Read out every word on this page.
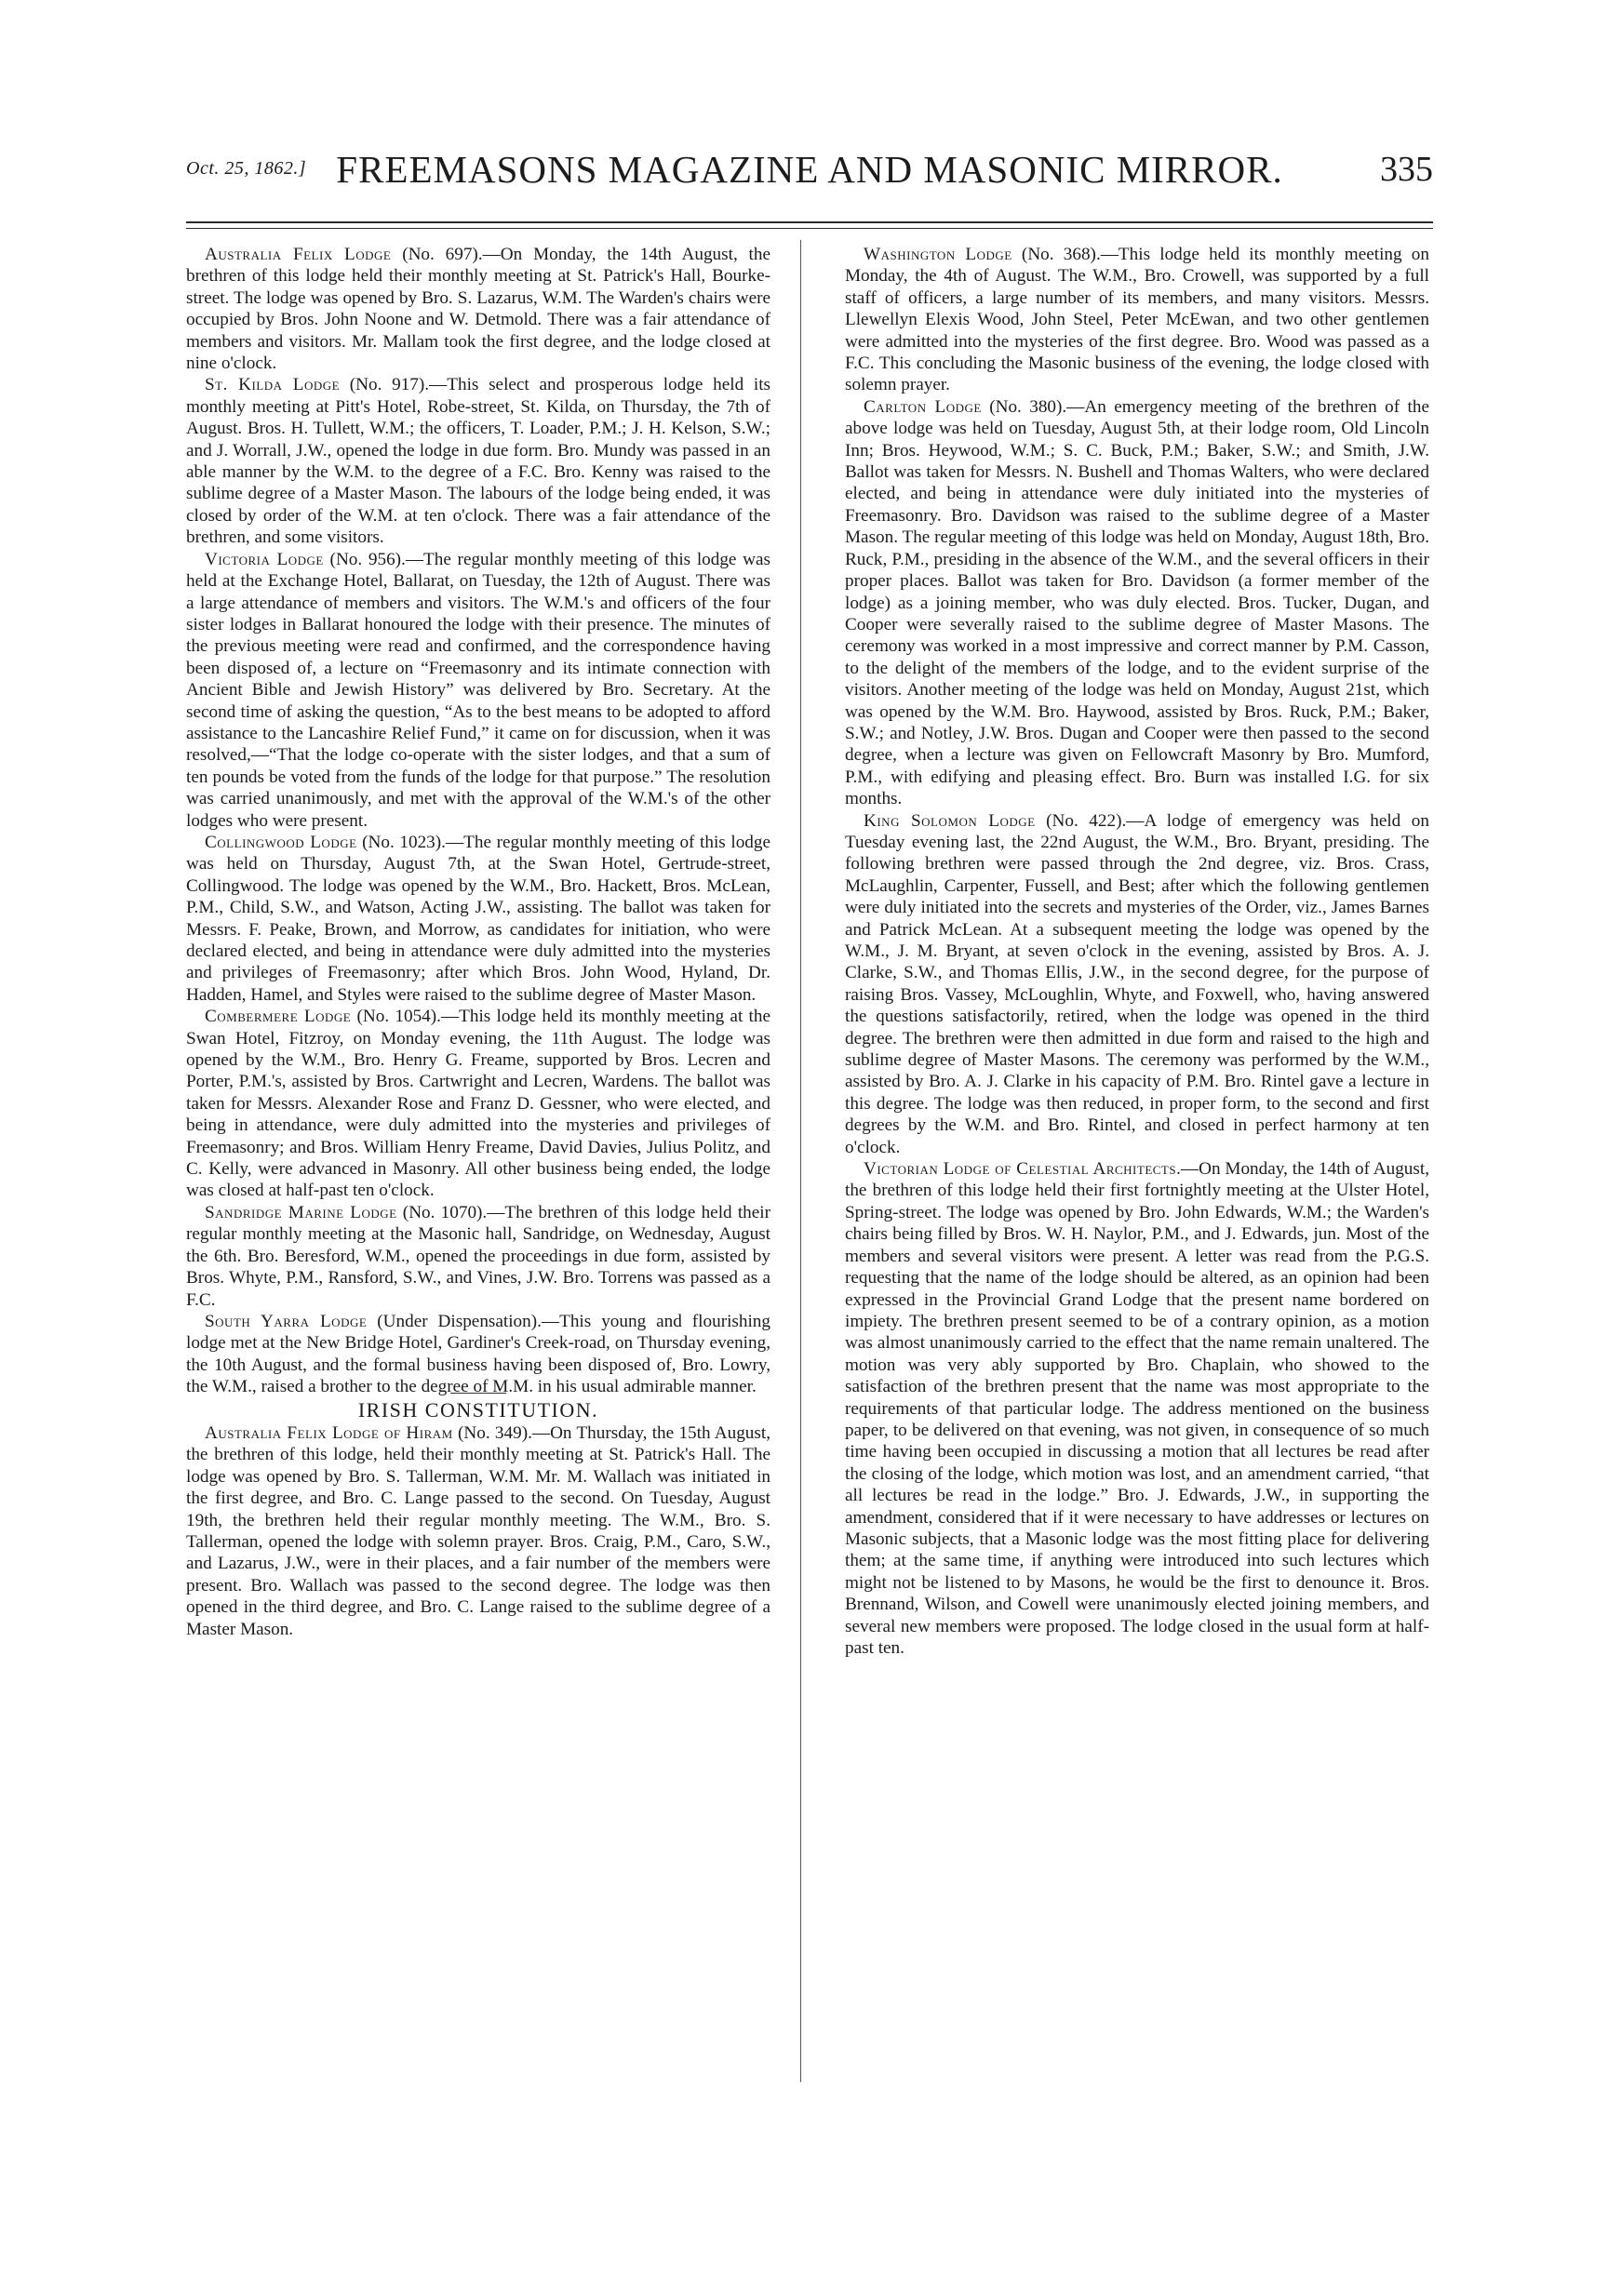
Oct. 25, 1862.] FREEMASONS MAGAZINE AND MASONIC MIRROR.	335

Australia Felix Lodge (No. 697).—On Monday, the 14th August, the brethren of this lodge held their monthly meeting at St. Patrick's Hall, Bourke-street. The lodge was opened by Bro. S. Lazarus, W.M. The Warden's chairs were occupied by Bros. John Noone and W. Detmold. There was a fair attendance of members and visitors. Mr. Mallam took the first degree, and the lodge closed at nine o'clock.

St. Kilda Lodge (No. 917).—This select and prosperous lodge held its monthly meeting at Pitt's Hotel, Robe-street, St. Kilda, on Thursday, the 7th of August. Bros. H. Tullett, W.M.; the officers, T. Loader, P.M.; J. H. Kelson, S.W.; and J. Worrall, J.W., opened the lodge in due form. Bro. Mundy was passed in an able manner by the W.M. to the degree of a F.C. Bro. Kenny was raised to the sublime degree of a Master Mason. The labours of the lodge being ended, it was closed by order of the W.M. at ten o'clock. There was a fair attendance of the brethren, and some visitors.

Victoria Lodge (No. 956).—The regular monthly meeting of this lodge was held at the Exchange Hotel, Ballarat, on Tuesday, the 12th of August. There was a large attendance of members and visitors. The W.M.'s and officers of the four sister lodges in Ballarat honoured the lodge with their presence. The minutes of the previous meeting were read and confirmed, and the correspondence having been disposed of, a lecture on “Freemasonry and its intimate connection with Ancient Bible and Jewish History” was delivered by Bro. Secretary. At the second time of asking the question, “As to the best means to be adopted to afford assistance to the Lancashire Relief Fund,” it came on for discussion, when it was resolved,—“That the lodge co-operate with the sister lodges, and that a sum of ten pounds be voted from the funds of the lodge for that purpose.” The resolution was carried unanimously, and met with the approval of the W.M.'s of the other lodges who were present.

Collingwood Lodge (No. 1023).—The regular monthly meeting of this lodge was held on Thursday, August 7th, at the Swan Hotel, Gertrude-street, Collingwood. The lodge was opened by the W.M., Bro. Hackett, Bros. McLean, P.M., Child, S.W., and Watson, Acting J.W., assisting. The ballot was taken for Messrs. F. Peake, Brown, and Morrow, as candidates for initiation, who were declared elected, and being in attendance were duly admitted into the mysteries and privileges of Freemasonry; after which Bros. John Wood, Hyland, Dr. Hadden, Hamel, and Styles were raised to the sublime degree of Master Mason.

Combermere Lodge (No. 1054).—This lodge held its monthly meeting at the Swan Hotel, Fitzroy, on Monday evening, the 11th August. The lodge was opened by the W.M., Bro. Henry G. Freame, supported by Bros. Lecren and Porter, P.M.'s, assisted by Bros. Cartwright and Lecren, Wardens. The ballot was taken for Messrs. Alexander Rose and Franz D. Gessner, who were elected, and being in attendance, were duly admitted into the mysteries and privileges of Freemasonry; and Bros. William Henry Freame, David Davies, Julius Politz, and C. Kelly, were advanced in Masonry. All other business being ended, the lodge was closed at half-past ten o'clock.

Sandridge Marine Lodge (No. 1070).—The brethren of this lodge held their regular monthly meeting at the Masonic hall, Sandridge, on Wednesday, August the 6th. Bro. Beresford, W.M., opened the proceedings in due form, assisted by Bros. Whyte, P.M., Ransford, S.W., and Vines, J.W. Bro. Torrens was passed as a F.C.

South Yarra Lodge (Under Dispensation).—This young and flourishing lodge met at the New Bridge Hotel, Gardiner's Creek-road, on Thursday evening, the 10th August, and the formal business having been disposed of, Bro. Lowry, the W.M., raised a brother to the degree of M.M. in his usual admirable manner.

IRISH CONSTITUTION.

Australia Felix Lodge of Hiram (No. 349).—On Thursday, the 15th August, the brethren of this lodge, held their monthly meeting at St. Patrick's Hall. The lodge was opened by Bro. S. Tallerman, W.M. Mr. M. Wallach was initiated in the first degree, and Bro. C. Lange passed to the second. On Tuesday, August 19th, the brethren held their regular monthly meeting. The W.M., Bro. S. Tallerman, opened the lodge with solemn prayer. Bros. Craig, P.M., Caro, S.W., and Lazarus, J.W., were in their places, and a fair number of the members were present. Bro. Wallach was passed to the second degree. The lodge was then opened in the third degree, and Bro. C. Lange raised to the sublime degree of a Master Mason.

Washington Lodge (No. 368).—This lodge held its monthly meeting on Monday, the 4th of August. The W.M., Bro. Crowell, was supported by a full staff of officers, a large number of its members, and many visitors. Messrs. Llewellyn Elexis Wood, John Steel, Peter McEwan, and two other gentlemen were admitted into the mysteries of the first degree. Bro. Wood was passed as a F.C. This concluding the Masonic business of the evening, the lodge closed with solemn prayer.

Carlton Lodge (No. 380).—An emergency meeting of the brethren of the above lodge was held on Tuesday, August 5th, at their lodge room, Old Lincoln Inn; Bros. Heywood, W.M.; S. C. Buck, P.M.; Baker, S.W.; and Smith, J.W. Ballot was taken for Messrs. N. Bushell and Thomas Walters, who were declared elected, and being in attendance were duly initiated into the mysteries of Freemasonry. Bro. Davidson was raised to the sublime degree of a Master Mason. The regular meeting of this lodge was held on Monday, August 18th, Bro. Ruck, P.M., presiding in the absence of the W.M., and the several officers in their proper places. Ballot was taken for Bro. Davidson (a former member of the lodge) as a joining member, who was duly elected. Bros. Tucker, Dugan, and Cooper were severally raised to the sublime degree of Master Masons. The ceremony was worked in a most impressive and correct manner by P.M. Casson, to the delight of the members of the lodge, and to the evident surprise of the visitors. Another meeting of the lodge was held on Monday, August 21st, which was opened by the W.M. Bro. Haywood, assisted by Bros. Ruck, P.M.; Baker, S.W.; and Notley, J.W. Bros. Dugan and Cooper were then passed to the second degree, when a lecture was given on Fellowcraft Masonry by Bro. Mumford, P.M., with edifying and pleasing effect. Bro. Burn was installed I.G. for six months.

King Solomon Lodge (No. 422).—A lodge of emergency was held on Tuesday evening last, the 22nd August, the W.M., Bro. Bryant, presiding. The following brethren were passed through the 2nd degree, viz. Bros. Crass, McLaughlin, Carpenter, Fussell, and Best; after which the following gentlemen were duly initiated into the secrets and mysteries of the Order, viz., James Barnes and Patrick McLean. At a subsequent meeting the lodge was opened by the W.M., J. M. Bryant, at seven o'clock in the evening, assisted by Bros. A. J. Clarke, S.W., and Thomas Ellis, J.W., in the second degree, for the purpose of raising Bros. Vassey, McLoughlin, Whyte, and Foxwell, who, having answered the questions satisfactorily, retired, when the lodge was opened in the third degree. The brethren were then admitted in due form and raised to the high and sublime degree of Master Masons. The ceremony was performed by the W.M., assisted by Bro. A. J. Clarke in his capacity of P.M. Bro. Rintel gave a lecture in this degree. The lodge was then reduced, in proper form, to the second and first degrees by the W.M. and Bro. Rintel, and closed in perfect harmony at ten o'clock.

Victorian Lodge of Celestial Architects.—On Monday, the 14th of August, the brethren of this lodge held their first fortnightly meeting at the Ulster Hotel, Spring-street. The lodge was opened by Bro. John Edwards, W.M.; the Warden's chairs being filled by Bros. W. H. Naylor, P.M., and J. Edwards, jun. Most of the members and several visitors were present. A letter was read from the P.G.S. requesting that the name of the lodge should be altered, as an opinion had been expressed in the Provincial Grand Lodge that the present name bordered on impiety. The brethren present seemed to be of a contrary opinion, as a motion was almost unanimously carried to the effect that the name remain unaltered. The motion was very ably supported by Bro. Chaplain, who showed to the satisfaction of the brethren present that the name was most appropriate to the requirements of that particular lodge. The address mentioned on the business paper, to be delivered on that evening, was not given, in consequence of so much time having been occupied in discussing a motion that all lectures be read after the closing of the lodge, which motion was lost, and an amendment carried, “that all lectures be read in the lodge.” Bro. J. Edwards, J.W., in supporting the amendment, considered that if it were necessary to have addresses or lectures on Masonic subjects, that a Masonic lodge was the most fitting place for delivering them; at the same time, if anything were introduced into such lectures which might not be listened to by Masons, he would be the first to denounce it. Bros. Brennand, Wilson, and Cowell were unanimously elected joining members, and several new members were proposed. The lodge closed in the usual form at half-past ten.
